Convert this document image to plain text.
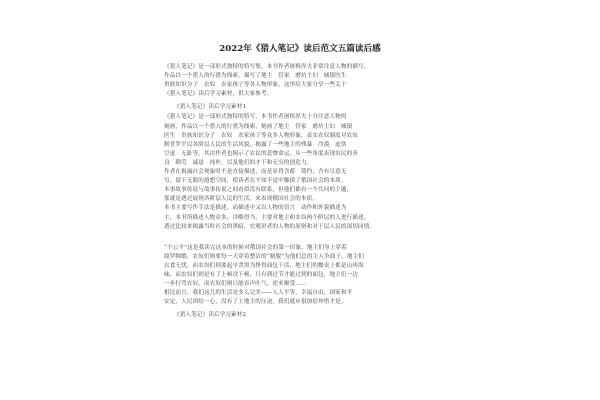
2022年《猎人笔记》读后范文五篇读后感
《猎人笔记》是一部形式独特的特写集，本书作者屠格涅夫非常注意人物的描写，
作品以一个猎人的行猎为线索，描写了地主　管家　磨坊主妇　城镇医生
贵族知识分子　农奴　农家孩子等各人物形象，这里给大家分享一些关于
《猎人笔记》读后学习素材，供大家参考。
《猎人笔记》读后学习素材1
《猎人笔记》是一部形式独特的特写，本书作者屠格涅夫十分注意人物的
刻画，作品以一个猎人的行猎为线索，刻画了地主　管家　磨坊主妇　城镇
医生　贵族知识分子　农奴　农家孩子等众多人物形象，表实农奴制度对农奴
制普罗平民各阶层人民的生活风貌，揭露了一些地主的残暴　冷漠　虚伪
空虚　无耻等，其次作者也揭示了农民的悲惨命运，从一些角度表现农民的善
良　勤劳　诚恳　纯朴，以及他们的才干和无穷的创造力。
作者在揭露社会现象时不是直接描述，而是显得含蓄　简约，含有尽意无
穷，留下无限的遐想空间，使读者在不知不觉中触摸了俄国社会的本质。
本事故事传说与故事传说之间看似没有联系，但他们都有一个共同的主题，
那就是透过展现各阶层人民的生活，来表现俄国社会的本质。
本书主要写作手法是描述，而描述中又以人物的语言　动作和外貌描述为
主，本书所描述人物众多，详略得当，主要对地主和农奴两个阶层的人进行描述，
透过比较来揭露当时社会的黑暗，宏观讲者的人物的原则和对于层人民的深切同情。
“不公平”这是我读完这本的时候对俄国社会的第一印象，地主们身上穿着
绫罗绸缎，农奴们则要每一天穿着整洁的“制服”为他们总的主人争面子，地主们
衣食无忧，而农奴们则要起早贪黑为挣得面包干活，地主们的餐桌上都是山珍海
味，而农奴们则是有了上顿没下顿，只有到过节才能过到的面包，地主们一边
一步打骂农奴，而农奴们则只能吞声吐气，逆来顺受……
相比而言，我们这儿的生活是多么完美——人人平等，幸福自由，国家和平
安定，人民团结一心，没有了土地主的压迫，我们就应很加倍珍惜才是。
《猎人笔记》读后学习素材2
